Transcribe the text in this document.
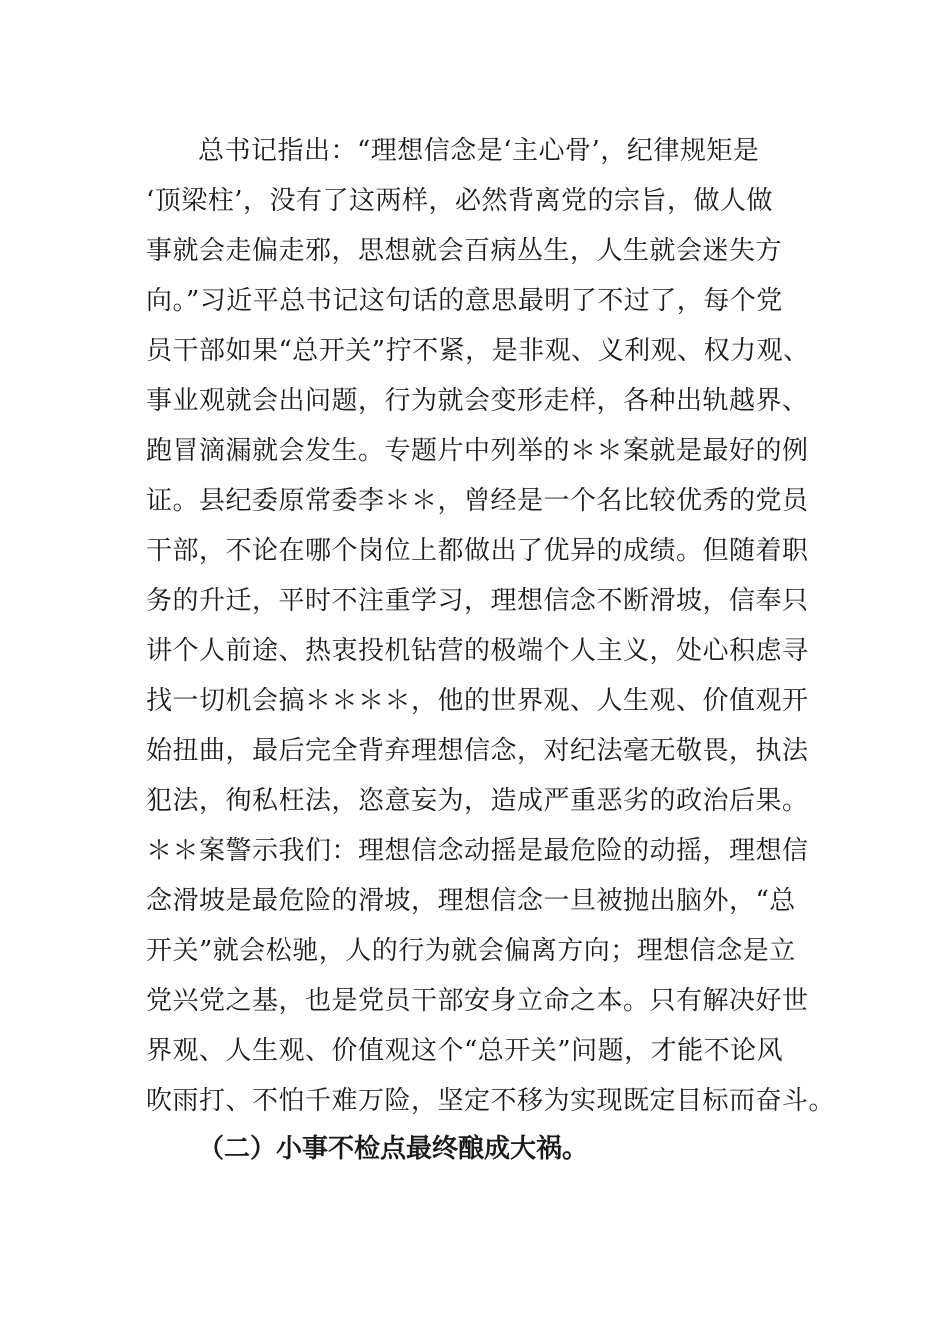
总书记指出：“理想信念是‘主心骨’，纪律规矩是
‘顶梁柱’，没有了这两样，必然背离党的宗旨，做人做
事就会走偏走邪，思想就会百病丛生，人生就会迷失方
向。”习近平总书记这句话的意思最明了不过了，每个党
员干部如果“总开关”拧不紧，是非观、义利观、权力观、
事业观就会出问题，行为就会变形走样，各种出轨越界、
跑冒滴漏就会发生。专题片中列举的＊＊案就是最好的例
证。县纪委原常委李＊＊，曾经是一个名比较优秀的党员
干部，不论在哪个岗位上都做出了优异的成绩。但随着职
务的升迁，平时不注重学习，理想信念不断滑坡，信奉只
讲个人前途、热衷投机钻营的极端个人主义，处心积虑寻
找一切机会搞＊＊＊＊，他的世界观、人生观、价值观开
始扭曲，最后完全背弃理想信念，对纪法毫无敬畏，执法
犯法，徇私枉法，恣意妄为，造成严重恶劣的政治后果。
＊＊案警示我们：理想信念动摇是最危险的动摇，理想信
念滑坡是最危险的滑坡，理想信念一旦被抛出脑外，“总
开关”就会松驰，人的行为就会偏离方向；理想信念是立
党兴党之基，也是党员干部安身立命之本。只有解决好世
界观、人生观、价值观这个“总开关”问题，才能不论风
吹雨打、不怕千难万险，坚定不移为实现既定目标而奋斗。
（二）小事不检点最终酿成大祸。
